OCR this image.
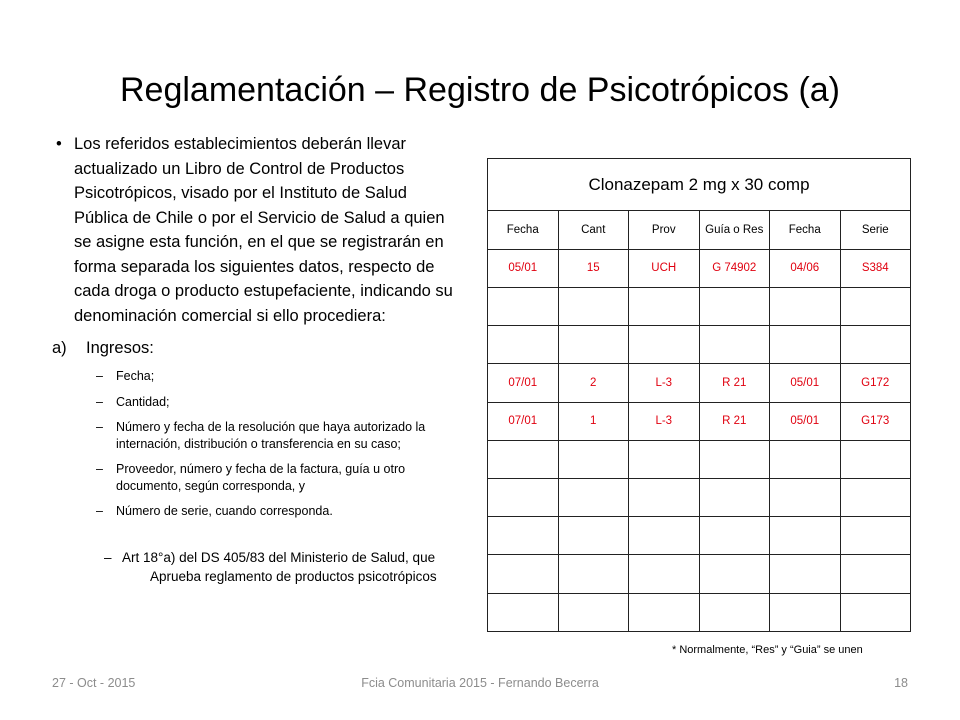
Reglamentación – Registro de Psicotrópicos (a)
• Los referidos establecimientos deberán llevar actualizado un Libro de Control de Productos Psicotrópicos, visado por el Instituto de Salud Pública de Chile o por el Servicio de Salud a quien se asigne esta función, en el que se registrarán en forma separada los siguientes datos, respecto de cada droga o producto estupefaciente, indicando su denominación comercial si ello procediera:
a) Ingresos:
– Fecha;
– Cantidad;
– Número y fecha de la resolución que haya autorizado la internación, distribución o transferencia en su caso;
– Proveedor, número y fecha de la factura, guía u otro documento, según corresponda, y
– Número de serie, cuando corresponda.
– Art 18°a) del DS 405/83 del Ministerio de Salud, que
Aprueba reglamento de productos psicotrópicos
Clonazepam 2 mg x 30 comp					
Fecha	Cant	Prov	Guía o Res	Fecha	Serie
05/01	15	UCH	G 74902	04/06	S384

07/01	2	L-3	R 21	05/01	G172
07/01	1	L-3	R 21	05/01	G173

* Normalmente, “Res” y “Guia” se unen
27 - Oct - 2015	Fcia Comunitaria 2015 - Fernando Becerra	18
